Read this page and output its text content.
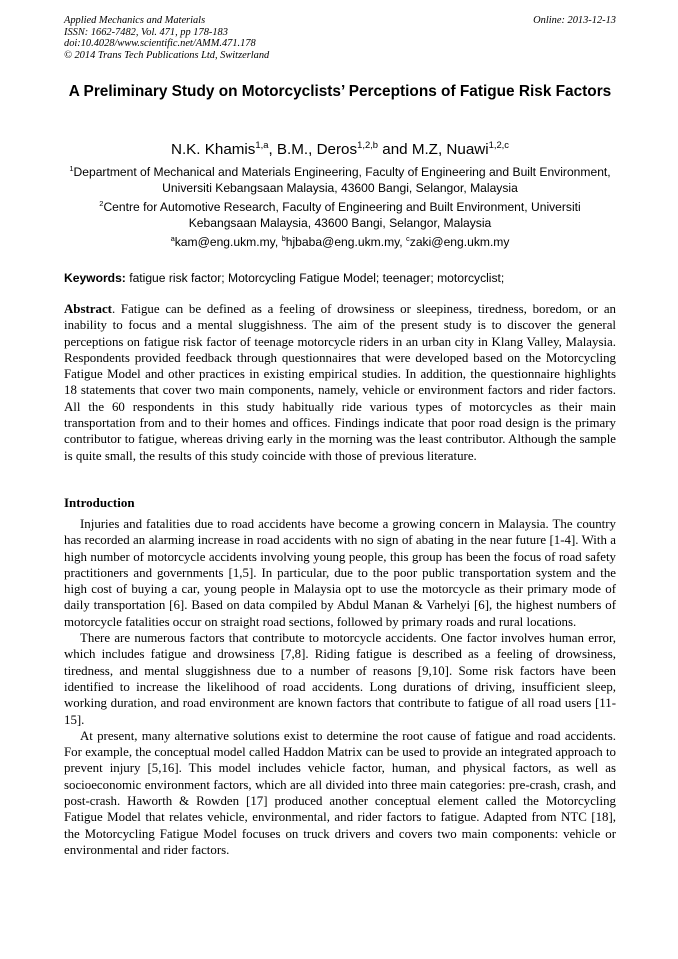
Applied Mechanics and Materials
ISSN: 1662-7482, Vol. 471, pp 178-183
doi:10.4028/www.scientific.net/AMM.471.178
© 2014 Trans Tech Publications Ltd, Switzerland
Online: 2013-12-13
A Preliminary Study on Motorcyclists’ Perceptions of Fatigue Risk Factors
N.K. Khamis$^{1,a}$, B.M., Deros$^{1,2,b}$ and M.Z, Nuawi$^{1,2,c}$
$^1$Department of Mechanical and Materials Engineering, Faculty of Engineering and Built Environment, Universiti Kebangsaan Malaysia, 43600 Bangi, Selangor, Malaysia
$^2$Centre for Automotive Research, Faculty of Engineering and Built Environment, Universiti Kebangsaan Malaysia, 43600 Bangi, Selangor, Malaysia
$^a$kam@eng.ukm.my, $^b$hjbaba@eng.ukm.my, $^c$zaki@eng.ukm.my
Keywords: fatigue risk factor; Motorcycling Fatigue Model; teenager; motorcyclist;

Abstract. Fatigue can be defined as a feeling of drowsiness or sleepiness, tiredness, boredom, or an inability to focus and a mental sluggishness. The aim of the present study is to discover the general perceptions on fatigue risk factor of teenage motorcycle riders in an urban city in Klang Valley, Malaysia. Respondents provided feedback through questionnaires that were developed based on the Motorcycling Fatigue Model and other practices in existing empirical studies. In addition, the questionnaire highlights 18 statements that cover two main components, namely, vehicle or environment factors and rider factors. All the 60 respondents in this study habitually ride various types of motorcycles as their main transportation from and to their homes and offices. Findings indicate that poor road design is the primary contributor to fatigue, whereas driving early in the morning was the least contributor. Although the sample is quite small, the results of this study coincide with those of previous literature.

Introduction

Injuries and fatalities due to road accidents have become a growing concern in Malaysia. The country has recorded an alarming increase in road accidents with no sign of abating in the near future [1-4]. With a high number of motorcycle accidents involving young people, this group has been the focus of road safety practitioners and governments [1,5]. In particular, due to the poor public transportation system and the high cost of buying a car, young people in Malaysia opt to use the motorcycle as their primary mode of daily transportation [6]. Based on data compiled by Abdul Manan & Varhelyi [6], the highest numbers of motorcycle fatalities occur on straight road sections, followed by primary roads and rural locations.

There are numerous factors that contribute to motorcycle accidents. One factor involves human error, which includes fatigue and drowsiness [7,8]. Riding fatigue is described as a feeling of drowsiness, tiredness, and mental sluggishness due to a number of reasons [9,10]. Some risk factors have been identified to increase the likelihood of road accidents. Long durations of driving, insufficient sleep, working duration, and road environment are known factors that contribute to fatigue of all road users [11-15].

At present, many alternative solutions exist to determine the root cause of fatigue and road accidents. For example, the conceptual model called Haddon Matrix can be used to provide an integrated approach to prevent injury [5,16]. This model includes vehicle factor, human, and physical factors, as well as socioeconomic environment factors, which are all divided into three main categories: pre-crash, crash, and post-crash. Haworth & Rowden [17] produced another conceptual element called the Motorcycling Fatigue Model that relates vehicle, environmental, and rider factors to fatigue. Adapted from NTC [18], the Motorcycling Fatigue Model focuses on truck drivers and covers two main components: vehicle or environmental and rider factors.
